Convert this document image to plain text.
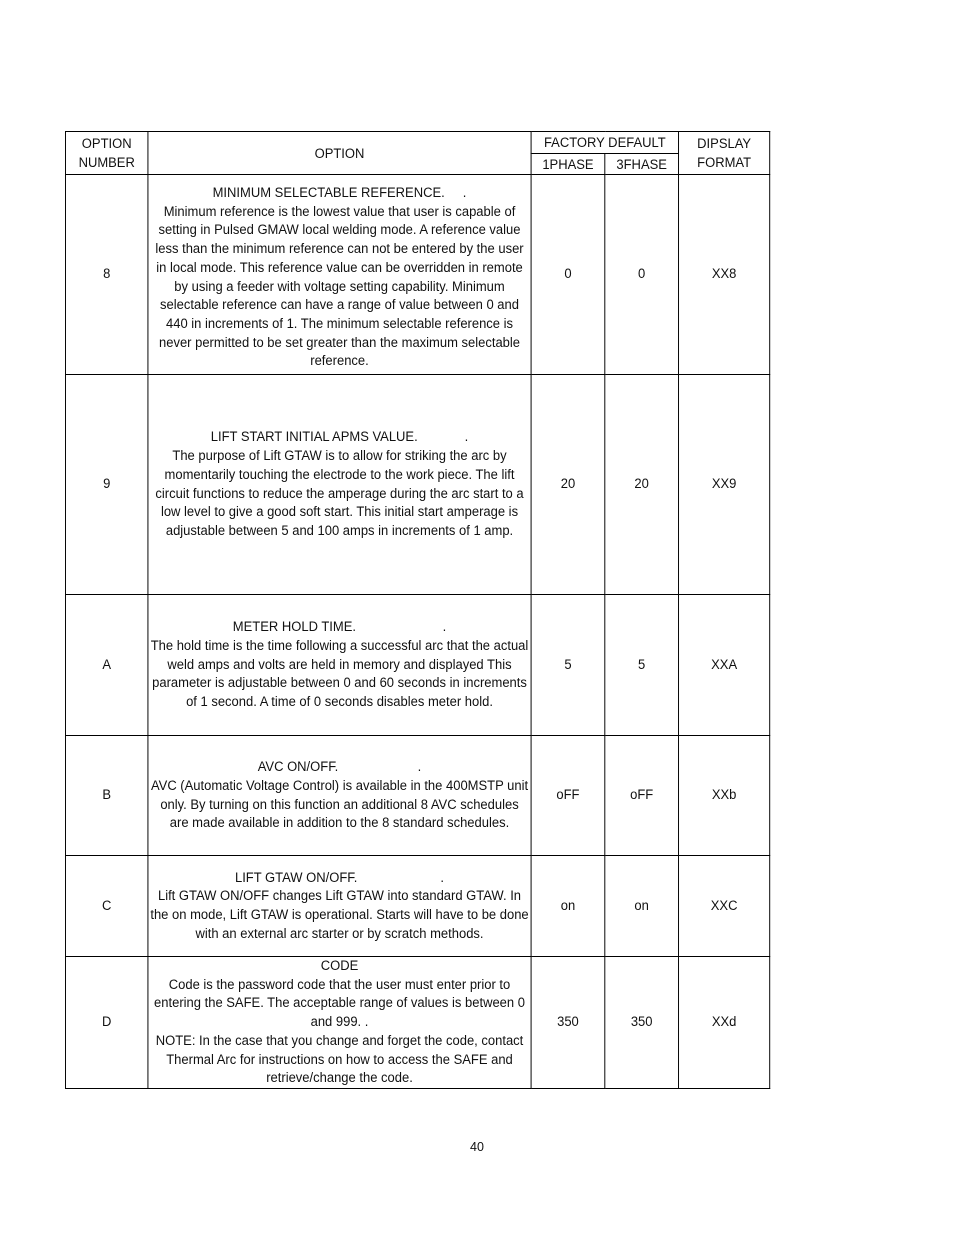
OPTION
NUMBER	OPTION	FACTORY DEFAULT		DIPSLAY
FORMAT
		1PHASE	3FHASE	
8	MINIMUM SELECTABLE REFERENCE.     .
Minimum reference is the lowest value that user is capable of setting in Pulsed GMAW local welding mode. A reference value less than the minimum reference can not be entered by the user in local mode. This reference value can be overridden in remote by using a feeder with voltage setting capability. Minimum selectable reference can have a range of value between 0 and 440 in increments of 1. The minimum selectable reference is never permitted to be set greater than the maximum selectable reference.	0	0	XX8
9	LIFT START INITIAL APMS VALUE.             .
The purpose of Lift GTAW is to allow for striking the arc by momentarily touching the electrode to the work piece. The lift circuit functions to reduce the amperage during the arc start to a low level to give a good soft start. This initial start amperage is adjustable between 5 and 100 amps in increments of 1 amp.	20	20	XX9
A	METER HOLD TIME.                        .
The hold time is the time following a successful arc that the actual weld amps and volts are held in memory and displayed This parameter is adjustable between 0 and 60 seconds in increments of 1 second. A time of 0 seconds disables meter hold.	5	5	XXA
B	AVC ON/OFF.                      .
AVC (Automatic Voltage Control) is available in the 400MSTP unit only. By turning on this function an additional 8 AVC schedules are made available in addition to the 8 standard schedules.	oFF	oFF	XXb
C	LIFT GTAW ON/OFF.                       .
Lift GTAW ON/OFF changes Lift GTAW into standard GTAW. In the on mode, Lift GTAW is operational. Starts will have to be done with an external arc starter or by scratch methods.	on	on	XXC
D	CODE
Code is the password code that the user must enter prior to entering the SAFE. The acceptable range of values is between 0 and 999. .
NOTE: In the case that you change and forget the code, contact Thermal Arc for instructions on how to access the SAFE and retrieve/change the code.	350	350	XXd
40
